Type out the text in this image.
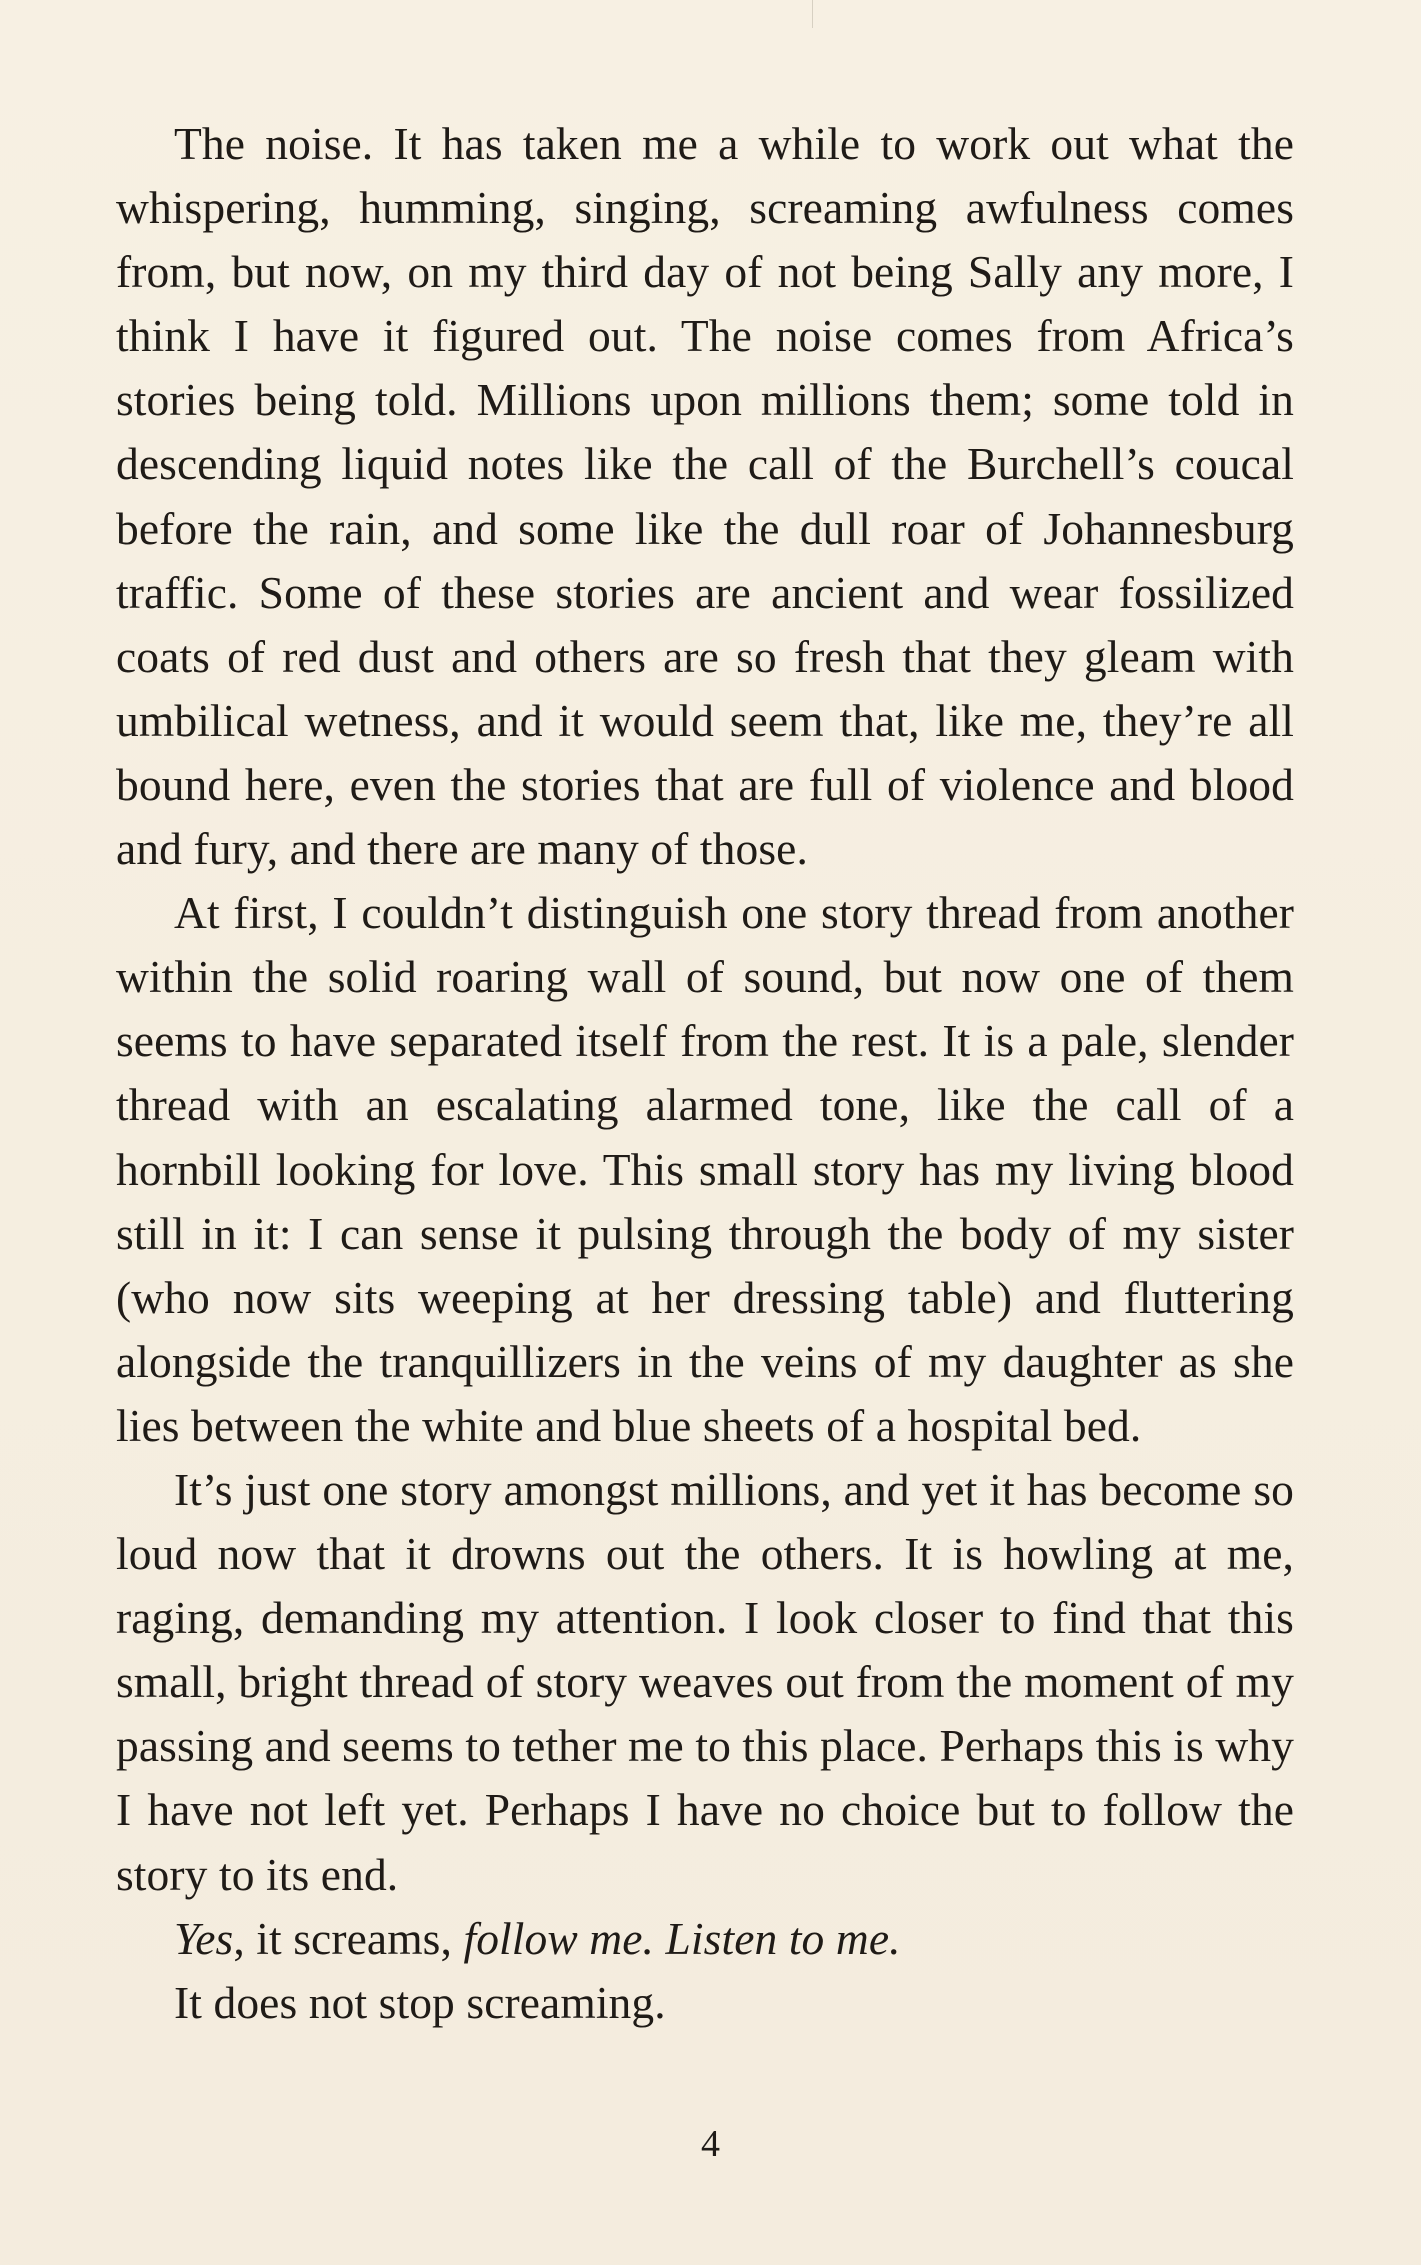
The noise. It has taken me a while to work out what the whispering, humming, singing, screaming awfulness comes from, but now, on my third day of not being Sally any more, I think I have it figured out. The noise comes from Africa’s stories being told. Millions upon millions them; some told in descending liquid notes like the call of the Burchell’s coucal before the rain, and some like the dull roar of Johannesburg traffic. Some of these stories are ancient and wear fossilized coats of red dust and others are so fresh that they gleam with umbilical wetness, and it would seem that, like me, they’re all bound here, even the stories that are full of violence and blood and fury, and there are many of those.

At first, I couldn’t distinguish one story thread from another within the solid roaring wall of sound, but now one of them seems to have separated itself from the rest. It is a pale, slender thread with an escalating alarmed tone, like the call of a hornbill looking for love. This small story has my living blood still in it: I can sense it pulsing through the body of my sister (who now sits weeping at her dressing table) and fluttering alongside the tranquillizers in the veins of my daughter as she lies between the white and blue sheets of a hospital bed.

It’s just one story amongst millions, and yet it has become so loud now that it drowns out the others. It is howling at me, raging, demanding my attention. I look closer to find that this small, bright thread of story weaves out from the moment of my passing and seems to tether me to this place. Perhaps this is why I have not left yet. Perhaps I have no choice but to follow the story to its end.

Yes, it screams, follow me. Listen to me.

It does not stop screaming.

4
